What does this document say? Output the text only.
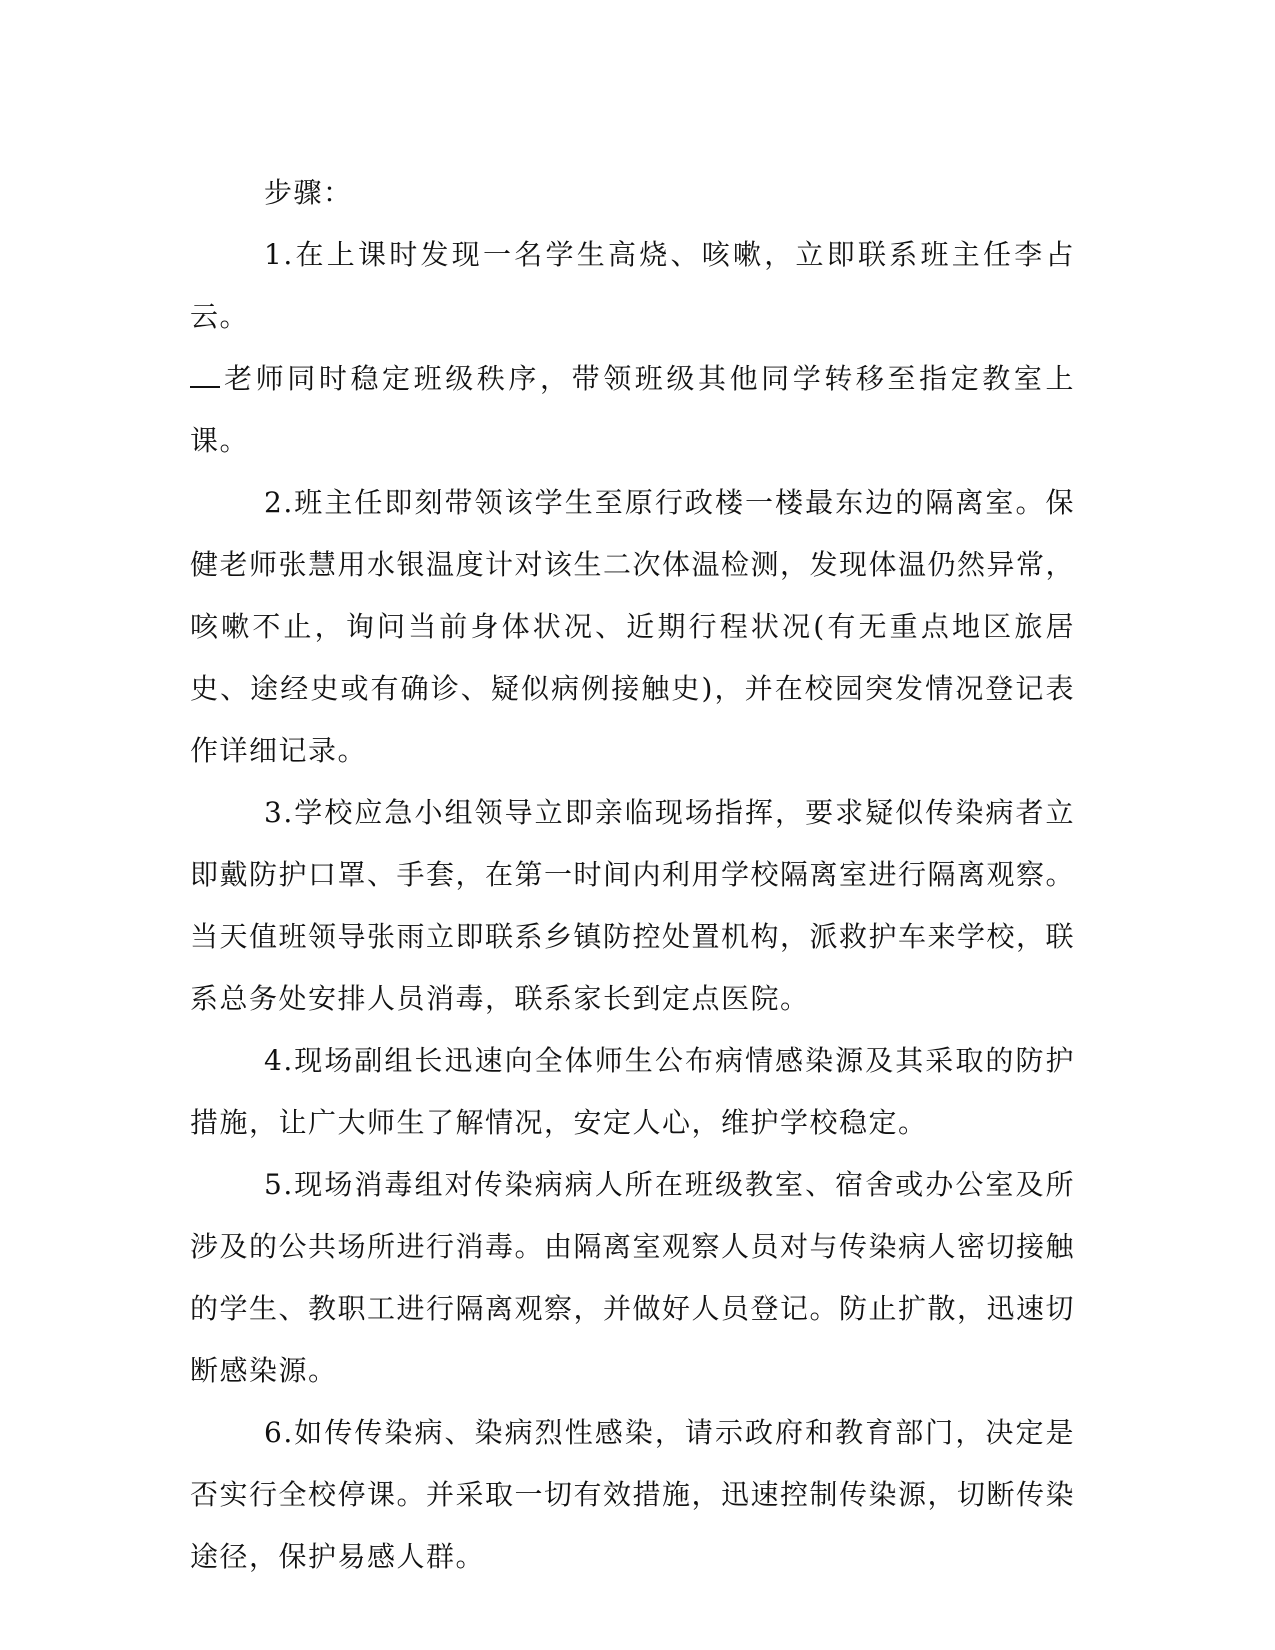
步骤：

1.在上课时发现一名学生高烧、咳嗽，立即联系班主任李占云。
老师同时稳定班级秩序，带领班级其他同学转移至指定教室上课。

2.班主任即刻带领该学生至原行政楼一楼最东边的隔离室。保健老师张慧用水银温度计对该生二次体温检测，发现体温仍然异常，咳嗽不止，询问当前身体状况、近期行程状况(有无重点地区旅居史、途经史或有确诊、疑似病例接触史)，并在校园突发情况登记表作详细记录。

3.学校应急小组领导立即亲临现场指挥，要求疑似传染病者立即戴防护口罩、手套，在第一时间内利用学校隔离室进行隔离观察。当天值班领导张雨立即联系乡镇防控处置机构，派救护车来学校，联系总务处安排人员消毒，联系家长到定点医院。

4.现场副组长迅速向全体师生公布病情感染源及其采取的防护措施，让广大师生了解情况，安定人心，维护学校稳定。

5.现场消毒组对传染病病人所在班级教室、宿舍或办公室及所涉及的公共场所进行消毒。由隔离室观察人员对与传染病人密切接触的学生、教职工进行隔离观察，并做好人员登记。防止扩散，迅速切断感染源。

6.如传传染病、染病烈性感染，请示政府和教育部门，决定是否实行全校停课。并采取一切有效措施，迅速控制传染源，切断传染途径，保护易感人群。
